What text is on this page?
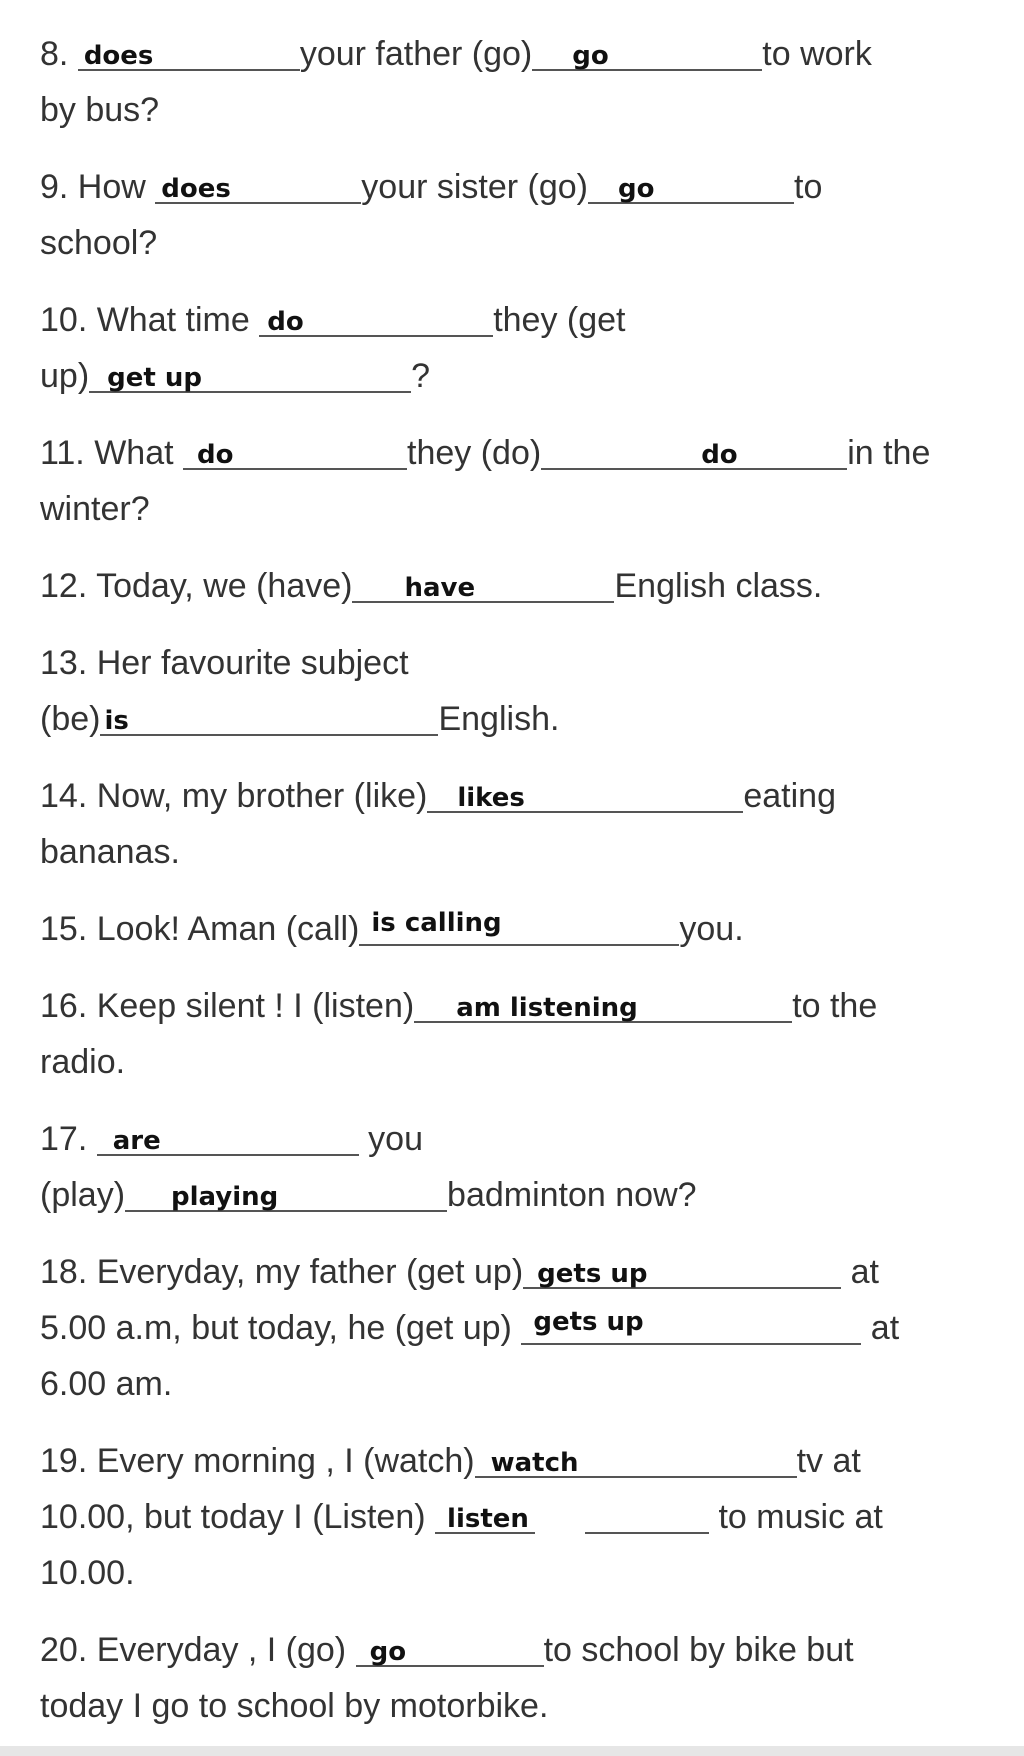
8. does	your father (go) go	to work
by bus?
9. How does	your sister (go) go	to
school?
10. What time do	they (get
up) get up	?
11. What do	they (do)	do	in the
winter?
12. Today, we (have) have	English class.
13. Her favourite subject
(be) is	English.
14. Now, my brother (like) likes	eating
bananas.
15. Look! Aman (call) is calling	you.
16. Keep silent ! I (listen) am listening	to the
radio.
17. are	you
(play) playing	badminton now?
18. Everyday, my father (get up) gets up	at
5.00 a.m, but today, he (get up) gets up	at
6.00 am.
19. Every morning , I (watch) watch	tv at
10.00, but today I (Listen) listen	to music at
10.00.
20. Everyday , I (go) go	to school by bike but
today I go to school by motorbike.
